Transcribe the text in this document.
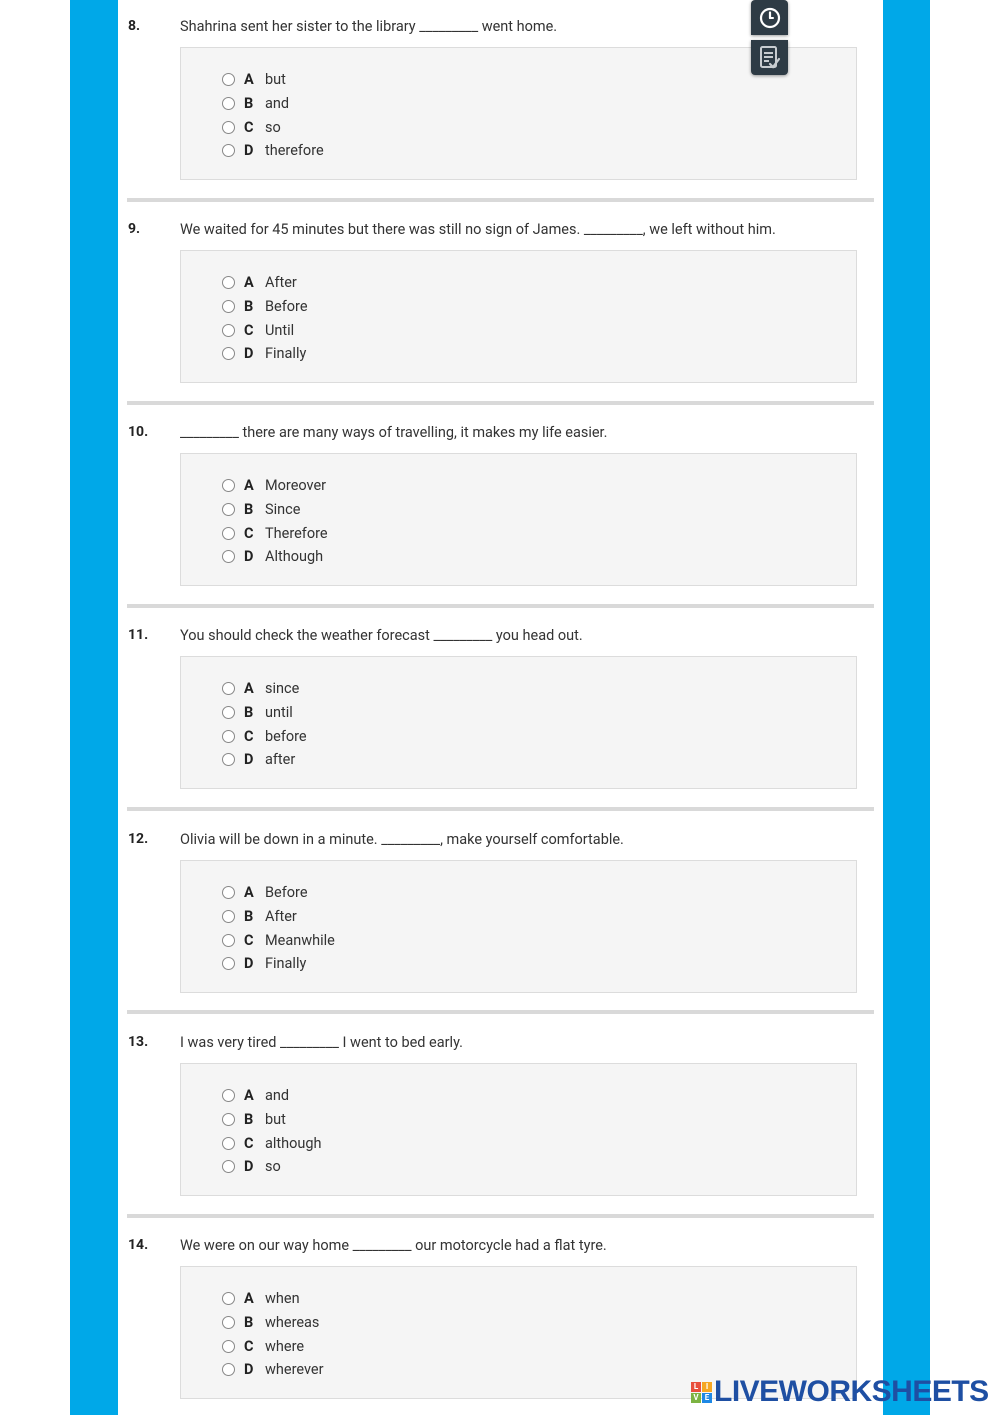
8.	Shahrina sent her sister to the library _________ went home.
A but
B and
C so
D therefore
9.	We waited for 45 minutes but there was still no sign of James. _________, we left without him.
A After
B Before
C Until
D Finally
10. _________ there are many ways of travelling, it makes my life easier.
A Moreover
B Since
C Therefore
D Although
11. You should check the weather forecast _________ you head out.
A since
B until
C before
D after
12. Olivia will be down in a minute. _________, make yourself comfortable.
A Before
B After
C Meanwhile
D Finally
13. I was very tired _________ I went to bed early.
A and
B but
C although
D so
14. We were on our way home _________ our motorcycle had a flat tyre.
A when
B whereas
C where
D wherever
L I
V E LIVEWORKSHEETS
